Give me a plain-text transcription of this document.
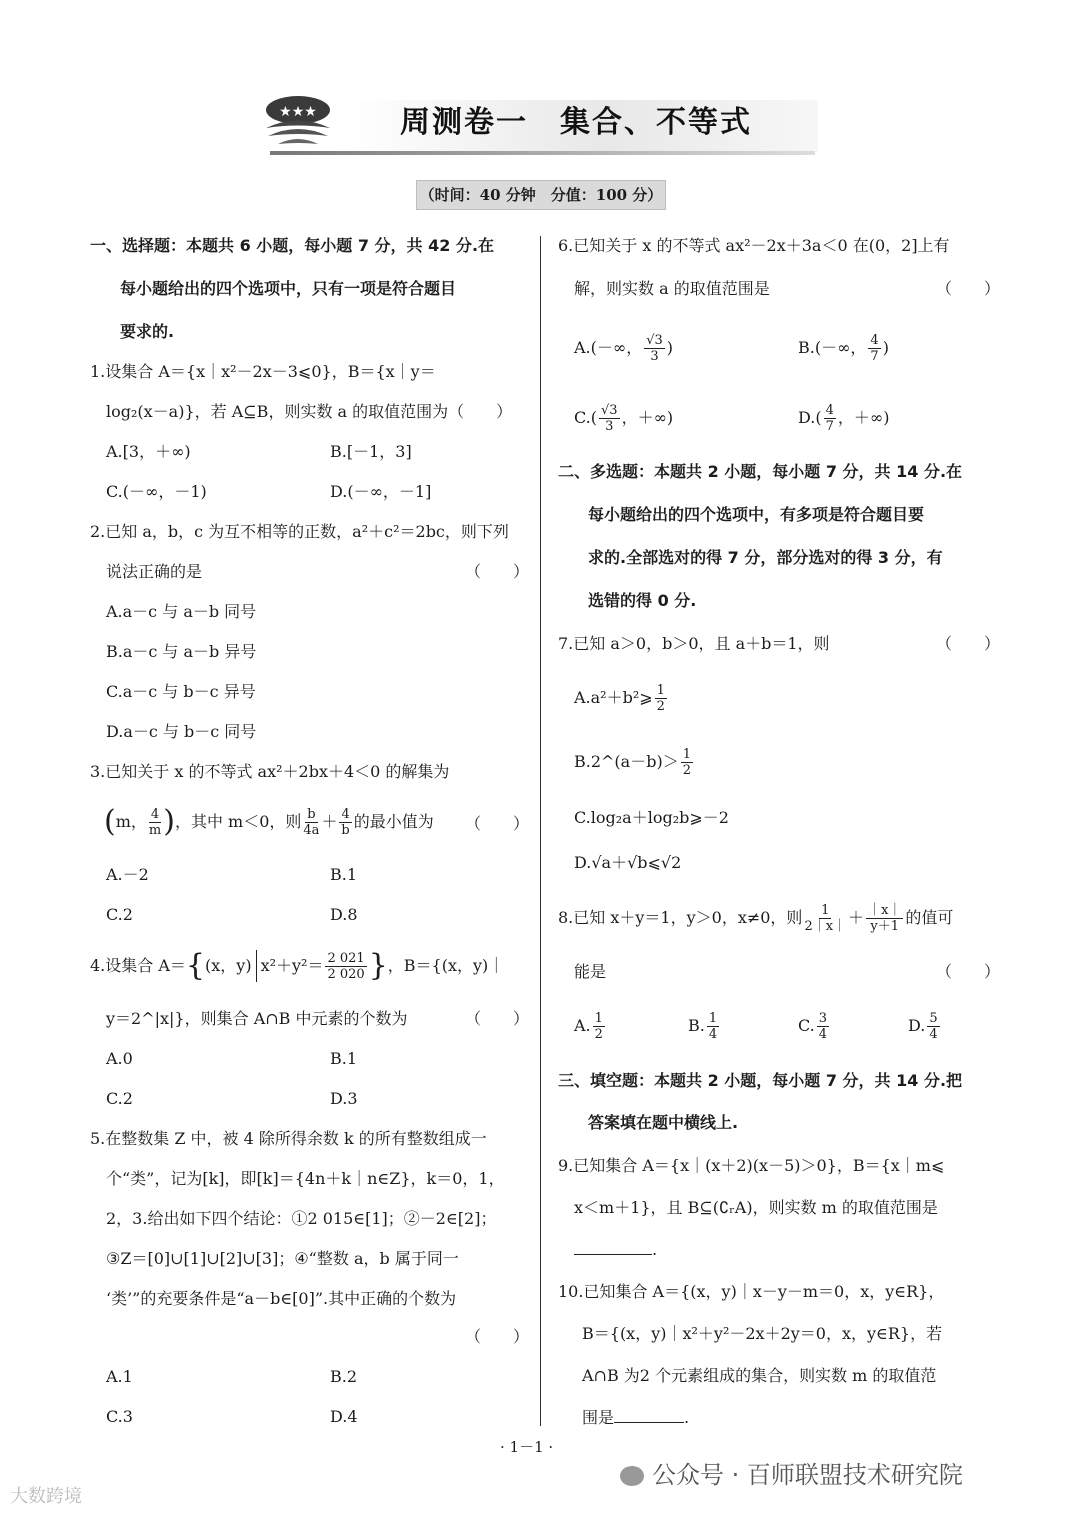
★★★	周测卷一　集合、不等式
（时间：40 分钟　分值：100 分）
一、选择题：本题共 6 小题，每小题 7 分，共 42 分.在
每小题给出的四个选项中，只有一项是符合题目
要求的.
1.设集合 A＝{x｜x²－2x－3⩽0}，B＝{x｜y＝
log₂(x－a)}，若 A⊆B，则实数 a 的取值范围为（　　）
A.[3，＋∞)	B.[－1，3]
C.(－∞，－1)	D.(－∞，－1]
2.已知 a，b，c 为互不相等的正数，a²＋c²＝2bc，则下列
说法正确的是	（　　）
A.a－c 与 a－b 同号
B.a－c 与 a－b 异号
C.a－c 与 b－c 异号
D.a－c 与 b－c 同号
3.已知关于 x 的不等式 ax²＋2bx＋4＜0 的解集为
( m， $\frac{4}{m}$ ) ，其中 m＜0，则 $\frac{b}{4a} + \frac{4}{b}$ 的最小值为 （　　）
A.－2	B.1
C.2	D.8
4.设集合 A＝ { (x，y) $x^2+y^2= \frac{2 021}{2 020}$ } ，B＝{(x，y)｜
y＝2^|x|}，则集合 A∩B 中元素的个数为	（　　）
A.0	B.1
C.2	D.3
5.在整数集 Z 中，被 4 除所得余数 k 的所有整数组成一
个“类”，记为[k]，即[k]＝{4n＋k｜n∈Z}，k＝0，1，
2，3.给出如下四个结论：①2 015∈[1]；②－2∈[2]；
③Z＝[0]∪[1]∪[2]∪[3]；④“整数 a，b 属于同一
‘类’”的充要条件是“a－b∈[0]”.其中正确的个数为
（　　）
A.1	B.2
C.3	D.4
6.已知关于 x 的不等式 ax²－2x＋3a＜0 在(0，2]上有
解，则实数 a 的取值范围是	（　　）
A.(－∞， $\frac{√3}{3}$ )	B.(－∞， $\frac{4}{7}$ )
$C.( \frac{√3}{3}$ ，＋∞)	$D.( \frac{4}{7}$ ，＋∞)
二、多选题：本题共 2 小题，每小题 7 分，共 14 分.在
每小题给出的四个选项中，有多项是符合题目要
求的.全部选对的得 7 分，部分选对的得 3 分，有
选错的得 0 分.
7.已知 a＞0，b＞0，且 a＋b＝1，则	（　　）
A.a²＋b²⩾ $\frac{1}{2}$
B.2^(a－b)＞ $\frac{1}{2}$
C.log₂a＋log₂b⩾－2
D.√a＋√b⩽√2
8.已知 x＋y＝1，y＞0，x≠0，则 $\frac{1}{2|x|} + \frac{|x|}{y+1}$ 的值可
能是	（　　）
A. $\frac{1}{2}$	B. $\frac{1}{4}$	C. $\frac{3}{4}$	D. $\frac{5}{4}$
三、填空题：本题共 2 小题，每小题 7 分，共 14 分.把
答案填在题中横线上.
9.已知集合 A＝{x｜(x＋2)(x－5)＞0}，B＝{x｜m⩽
x＜m＋1}，且 B⊆(∁ᵣA)，则实数 m 的取值范围是
.
10.已知集合 A＝{(x，y)｜x－y－m＝0，x，y∈R}，
B＝{(x，y)｜x²＋y²－2x＋2y＝0，x，y∈R}，若
A∩B 为2 个元素组成的集合，则实数 m 的取值范
围是	.
· 1－1 ·
公众号 · 百师联盟技术研究院
大数跨境
